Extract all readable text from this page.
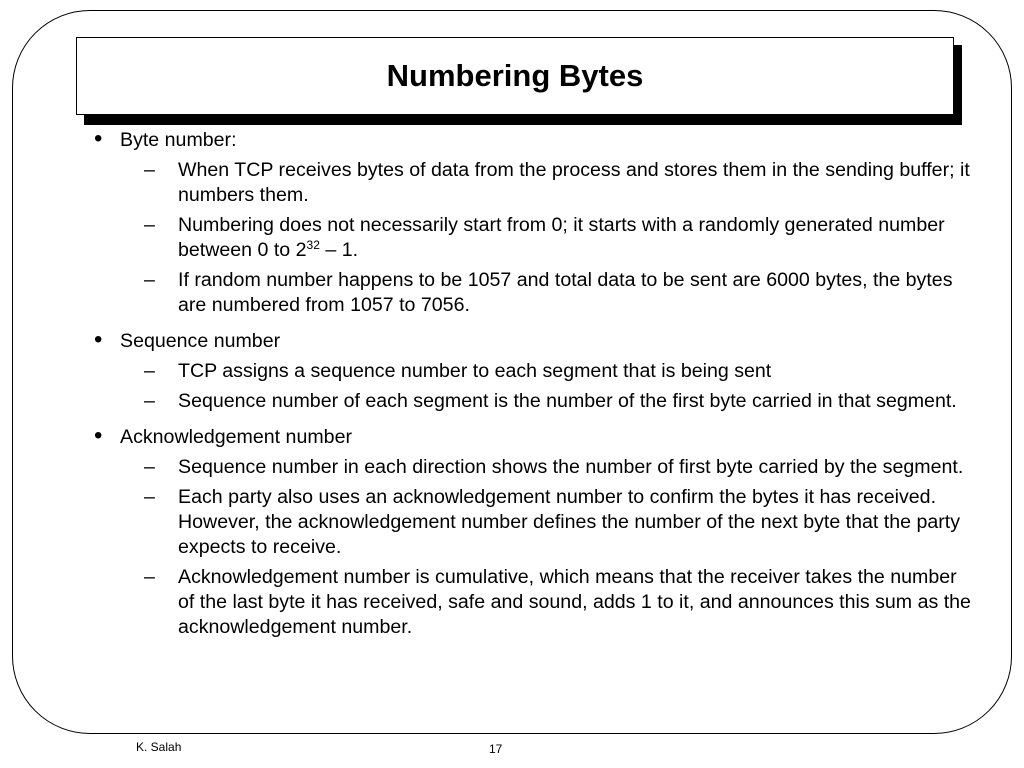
Numbering Bytes
• Byte number:
– When TCP receives bytes of data from the process and stores them in the sending buffer; it numbers them.
– Numbering does not necessarily start from 0; it starts with a randomly generated number between 0 to $2^{32} - 1$.
– If random number happens to be 1057 and total data to be sent are 6000 bytes, the bytes are numbered from 1057 to 7056.
• Sequence number
– TCP assigns a sequence number to each segment that is being sent
– Sequence number of each segment is the number of the first byte carried in that segment.
• Acknowledgement number
– Sequence number in each direction shows the number of first byte carried by the segment.
– Each party also uses an acknowledgement number to confirm the bytes it has received. However, the acknowledgement number defines the number of the next byte that the party expects to receive.
– Acknowledgement number is cumulative, which means that the receiver takes the number of the last byte it has received, safe and sound, adds 1 to it, and announces this sum as the acknowledgement number.
K. Salah	17
